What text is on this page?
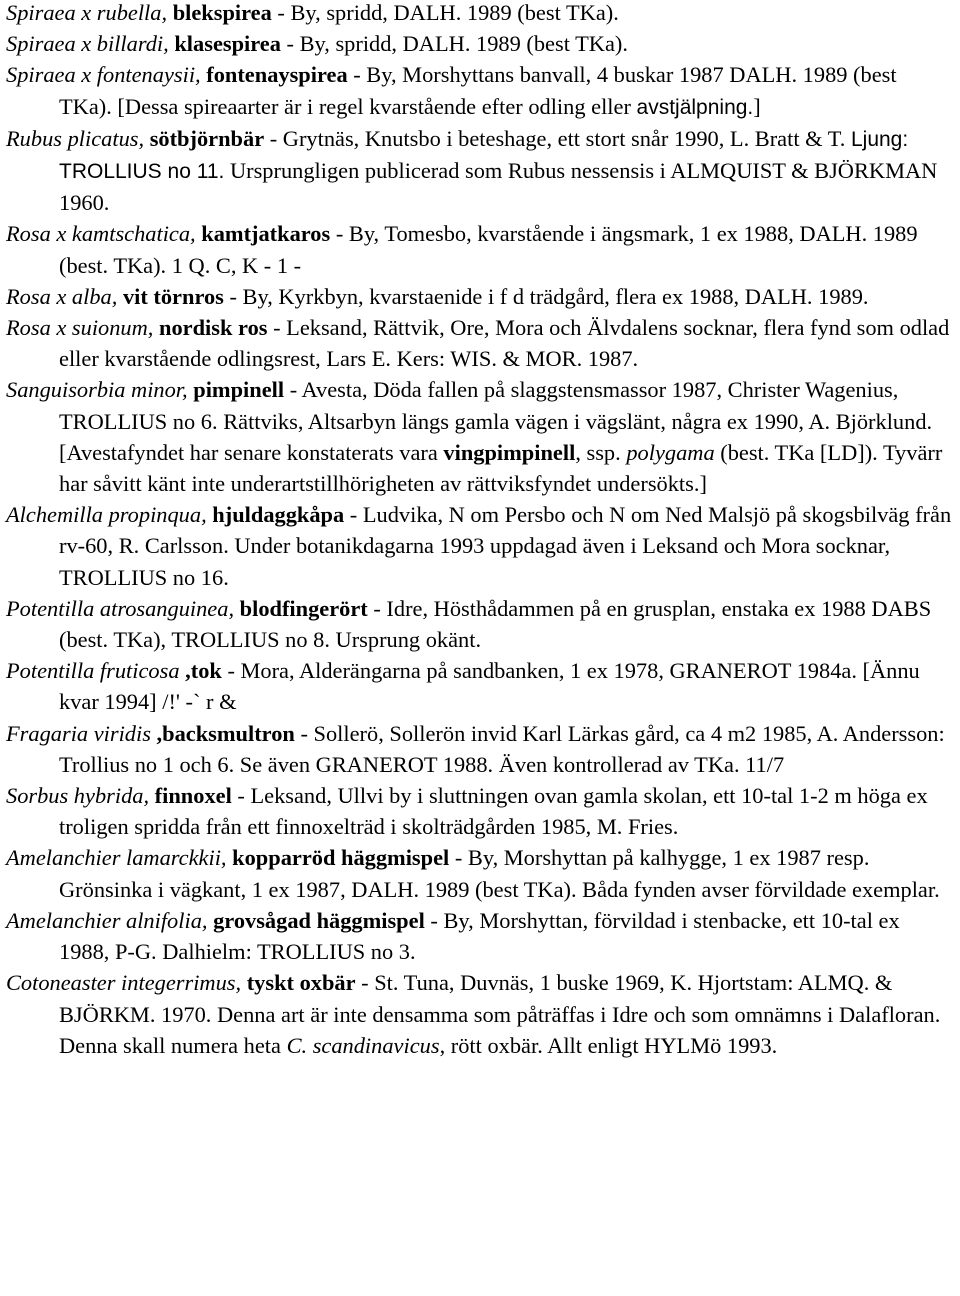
Spiraea x rubella, blekspirea - By, spridd, DALH. 1989 (best TKa).

Spiraea x billardi, klasespirea - By, spridd, DALH. 1989 (best TKa).

Spiraea x fontenaysii, fontenayspirea - By, Morshyttans banvall, 4 buskar 1987 DALH. 1989 (best TKa). [Dessa spireaarter är i regel kvarstående efter odling eller avstjälpning.]

Rubus plicatus, sötbjörnbär - Grytnäs, Knutsbo i beteshage, ett stort snår 1990, L. Bratt & T. Ljung: TROLLIUS no 11. Ursprungligen publicerad som Rubus nessensis i ALMQUIST & BJÖRKMAN 1960.

Rosa x kamtschatica, kamtjatkaros - By, Tomesbo, kvarstående i ängsmark, 1 ex 1988, DALH. 1989 (best. TKa). 1 Q. C, K - 1 -

Rosa x alba, vit törnros - By, Kyrkbyn, kvarstaenide i f d trädgård, flera ex 1988, DALH. 1989.

Rosa x suionum, nordisk ros - Leksand, Rättvik, Ore, Mora och Älvdalens socknar, flera fynd som odlad eller kvarstående odlingsrest, Lars E. Kers: WIS. & MOR. 1987.

Sanguisorbia minor, pimpinell - Avesta, Döda fallen på slaggstensmassor 1987, Christer Wagenius, TROLLIUS no 6. Rättviks, Altsarbyn längs gamla vägen i vägslänt, några ex 1990, A. Björklund. [Avestafyndet har senare konstaterats vara vingpimpinell, ssp. polygama (best. TKa [LD]). Tyvärr har såvitt känt inte underartstillhörigheten av rättviksfyndet undersökts.]

Alchemilla propinqua, hjuldaggkåpa - Ludvika, N om Persbo och N om Ned Malsjö på skogsbilväg från rv-60, R. Carlsson. Under botanikdagarna 1993 uppdagad även i Leksand och Mora socknar, TROLLIUS no 16.

Potentilla atrosanguinea, blodfingerört - Idre, Hösthådammen på en grusplan, enstaka ex 1988 DABS (best. TKa), TROLLIUS no 8. Ursprung okänt.

Potentilla fruticosa ,tok - Mora, Alderängarna på sandbanken, 1 ex 1978, GRANEROT 1984a. [Ännu kvar 1994] /!' -` r &

Fragaria viridis ,backsmultron - Sollerö, Sollerön invid Karl Lärkas gård, ca 4 m2 1985, A. Andersson: Trollius no 1 och 6. Se även GRANEROT 1988. Även kontrollerad av TKa. 11/7

Sorbus hybrida, finnoxel - Leksand, Ullvi by i sluttningen ovan gamla skolan, ett 10-tal 1-2 m höga ex troligen spridda från ett finnoxelträd i skolträdgården 1985, M. Fries.

Amelanchier lamarckkii, kopparröd häggmispel - By, Morshyttan på kalhygge, 1 ex 1987 resp. Grönsinka i vägkant, 1 ex 1987, DALH. 1989 (best TKa). Båda fynden avser förvildade exemplar.

Amelanchier alnifolia, grovsågad häggmispel - By, Morshyttan, förvildad i stenbacke, ett 10-tal ex 1988, P-G. Dalhielm: TROLLIUS no 3.

Cotoneaster integerrimus, tyskt oxbär - St. Tuna, Duvnäs, 1 buske 1969, K. Hjortstam: ALMQ. & BJÖRKM. 1970. Denna art är inte densamma som påträffas i Idre och som omnämns i Dalafloran. Denna skall numera heta C. scandinavicus, rött oxbär. Allt enligt HYLMö 1993.
